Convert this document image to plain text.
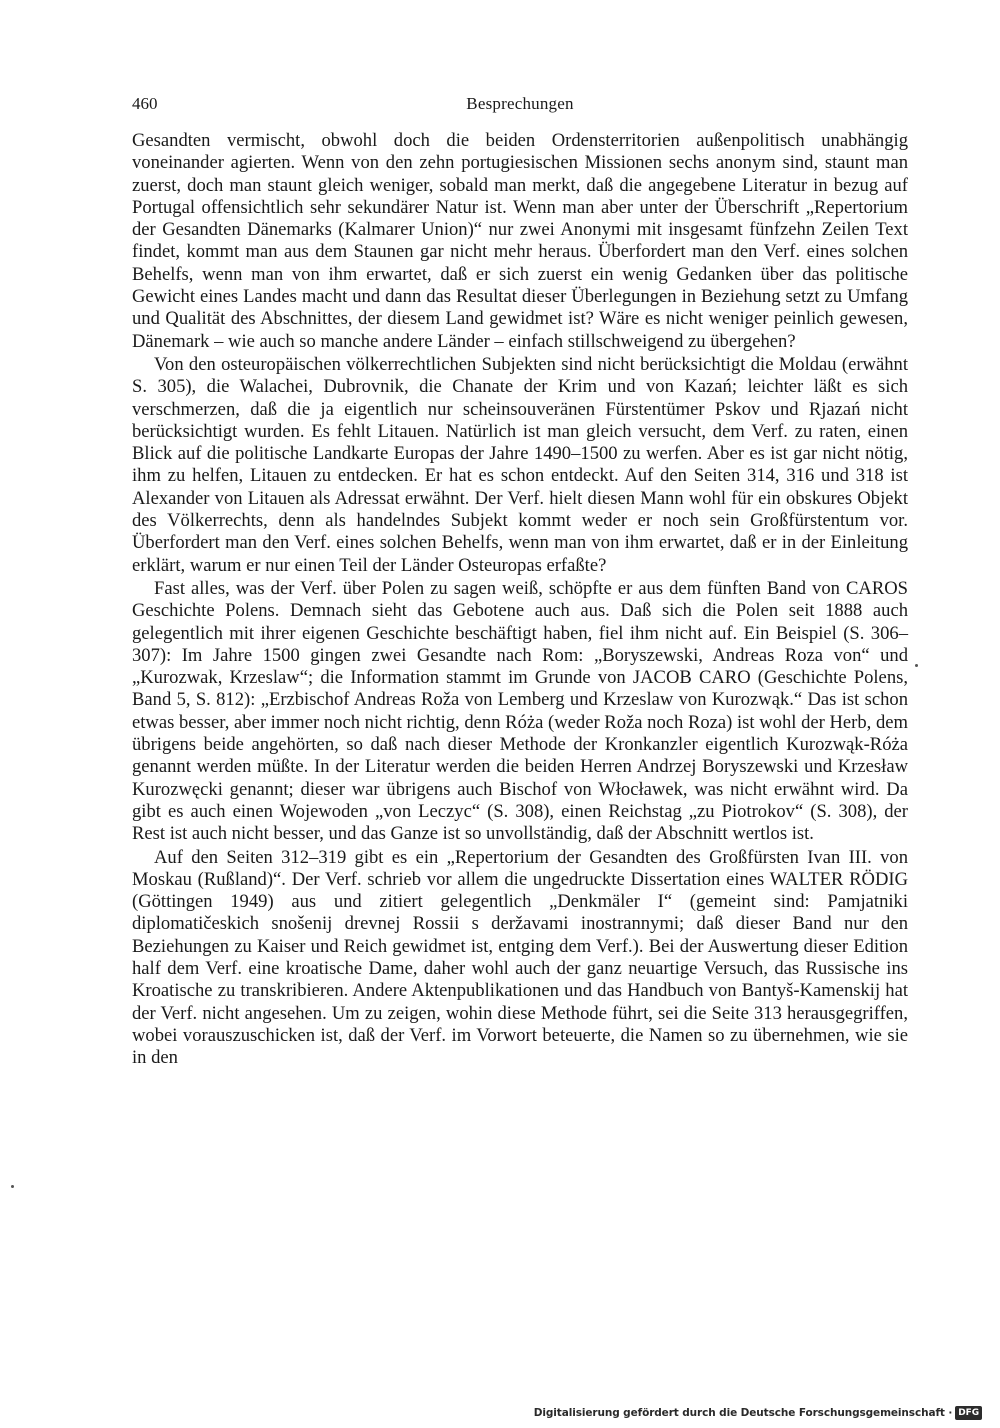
460	Besprechungen

Gesandten vermischt, obwohl doch die beiden Ordensterritorien außenpolitisch unabhängig voneinander agierten. Wenn von den zehn portugiesischen Missionen sechs anonym sind, staunt man zuerst, doch man staunt gleich weniger, sobald man merkt, daß die angegebene Literatur in bezug auf Portugal offensichtlich sehr sekundärer Natur ist. Wenn man aber unter der Überschrift „Repertorium der Gesandten Dänemarks (Kalmarer Union)“ nur zwei Anonymi mit insgesamt fünfzehn Zeilen Text findet, kommt man aus dem Staunen gar nicht mehr heraus. Überfordert man den Verf. eines solchen Behelfs, wenn man von ihm erwartet, daß er sich zuerst ein wenig Gedanken über das politische Gewicht eines Landes macht und dann das Resultat dieser Überlegungen in Beziehung setzt zu Umfang und Qualität des Abschnittes, der diesem Land gewidmet ist? Wäre es nicht weniger peinlich gewesen, Dänemark – wie auch so manche andere Länder – einfach stillschweigend zu übergehen?

Von den osteuropäischen völkerrechtlichen Subjekten sind nicht berücksichtigt die Moldau (erwähnt S. 305), die Walachei, Dubrovnik, die Chanate der Krim und von Kazań; leichter läßt es sich verschmerzen, daß die ja eigentlich nur scheinsouveränen Fürstentümer Pskov und Rjazań nicht berücksichtigt wurden. Es fehlt Litauen. Natürlich ist man gleich versucht, dem Verf. zu raten, einen Blick auf die politische Landkarte Europas der Jahre 1490–1500 zu werfen. Aber es ist gar nicht nötig, ihm zu helfen, Litauen zu entdecken. Er hat es schon entdeckt. Auf den Seiten 314, 316 und 318 ist Alexander von Litauen als Adressat erwähnt. Der Verf. hielt diesen Mann wohl für ein obskures Objekt des Völkerrechts, denn als handelndes Subjekt kommt weder er noch sein Großfürstentum vor. Überfordert man den Verf. eines solchen Behelfs, wenn man von ihm erwartet, daß er in der Einleitung erklärt, warum er nur einen Teil der Länder Osteuropas erfaßte?

Fast alles, was der Verf. über Polen zu sagen weiß, schöpfte er aus dem fünften Band von CAROS Geschichte Polens. Demnach sieht das Gebotene auch aus. Daß sich die Polen seit 1888 auch gelegentlich mit ihrer eigenen Geschichte beschäftigt haben, fiel ihm nicht auf. Ein Beispiel (S. 306–307): Im Jahre 1500 gingen zwei Gesandte nach Rom: „Boryszewski, Andreas Roza von“ und „Kurozwak, Krzeslaw“; die Information stammt im Grunde von JACOB CARO (Geschichte Polens, Band 5, S. 812): „Erzbischof Andreas Roža von Lemberg und Krzeslaw von Kurozwąk.“ Das ist schon etwas besser, aber immer noch nicht richtig, denn Róża (weder Roža noch Roza) ist wohl der Herb, dem übrigens beide angehörten, so daß nach dieser Methode der Kronkanzler eigentlich Kurozwąk-Róża genannt werden müßte. In der Literatur werden die beiden Herren Andrzej Boryszewski und Krzesław Kurozwęcki genannt; dieser war übrigens auch Bischof von Włocławek, was nicht erwähnt wird. Da gibt es auch einen Wojewoden „von Leczyc“ (S. 308), einen Reichstag „zu Piotrokov“ (S. 308), der Rest ist auch nicht besser, und das Ganze ist so unvollständig, daß der Abschnitt wertlos ist.

Auf den Seiten 312–319 gibt es ein „Repertorium der Gesandten des Großfürsten Ivan III. von Moskau (Rußland)“. Der Verf. schrieb vor allem die ungedruckte Dissertation eines WALTER RÖDIG (Göttingen 1949) aus und zitiert gelegentlich „Denkmäler I“ (gemeint sind: Pamjatniki diplomatičeskich snošenij drevnej Rossii s deržavami inostrannymi; daß dieser Band nur den Beziehungen zu Kaiser und Reich gewidmet ist, entging dem Verf.). Bei der Auswertung dieser Edition half dem Verf. eine kroatische Dame, daher wohl auch der ganz neuartige Versuch, das Russische ins Kroatische zu transkribieren. Andere Aktenpublikationen und das Handbuch von Bantyš-Kamenskij hat der Verf. nicht angesehen. Um zu zeigen, wohin diese Methode führt, sei die Seite 313 herausgegriffen, wobei vorauszuschicken ist, daß der Verf. im Vorwort beteuerte, die Namen so zu übernehmen, wie sie in den

Digitalisierung gefördert durch die Deutsche Forschungsgemeinschaft · DFG
